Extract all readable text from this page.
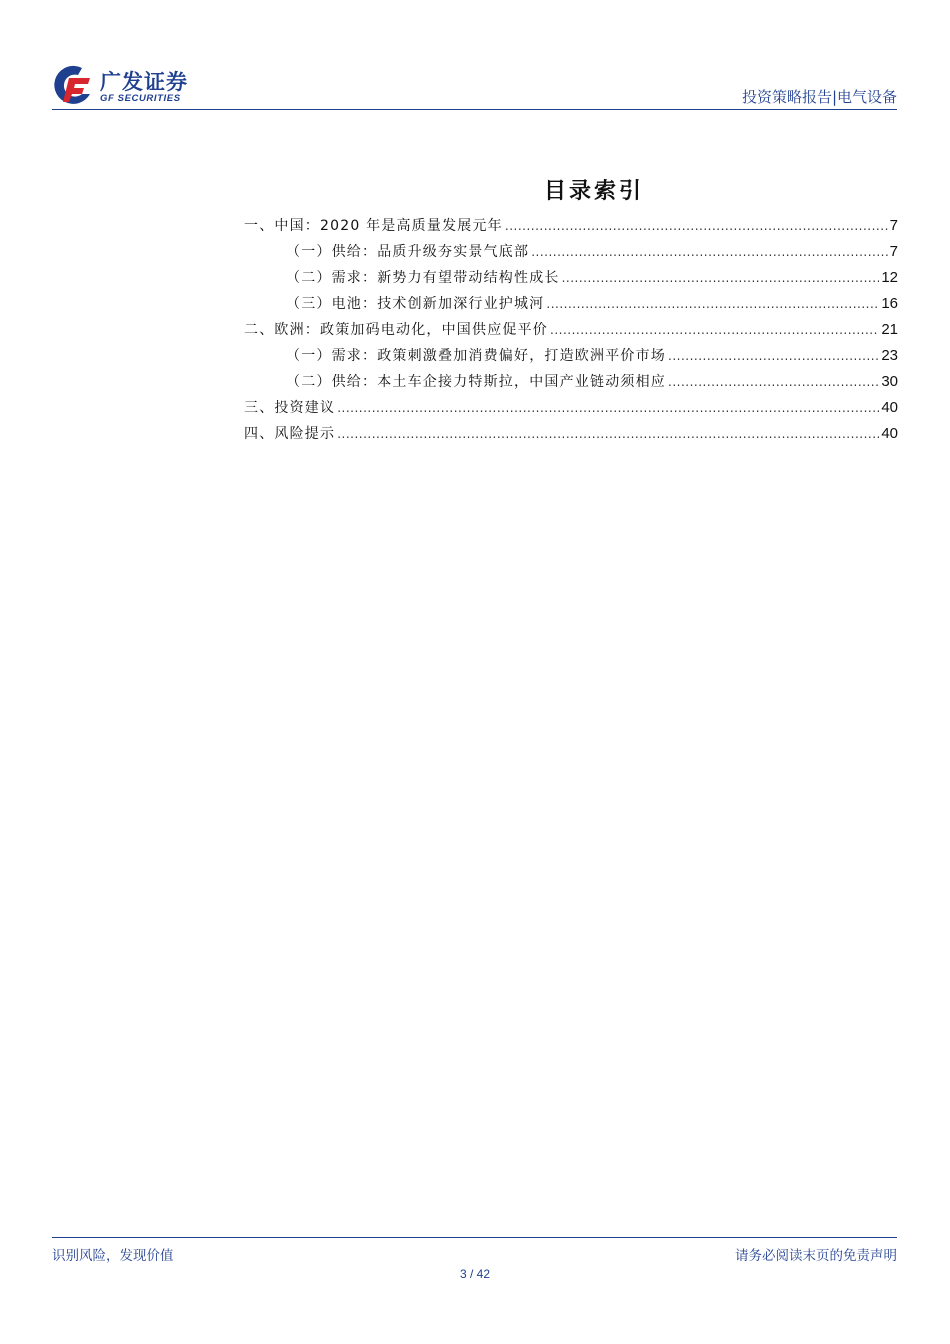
广发证券
GF SECURITIES	投资策略报告|电气设备
目录索引
一、中国：2020 年是高质量发展元年 .....	7
（一）供给：品质升级夯实景气底部 .....	7
（二）需求：新势力有望带动结构性成长 .....	12
（三）电池：技术创新加深行业护城河 .....	16
二、欧洲：政策加码电动化，中国供应促平价 .....	21
（一）需求：政策刺激叠加消费偏好，打造欧洲平价市场 .....	23
（二）供给：本土车企接力特斯拉，中国产业链动须相应 .....	30
三、投资建议 .....	40
四、风险提示 .....	40
识别风险，发现价值	请务必阅读末页的免责声明
3 / 42
